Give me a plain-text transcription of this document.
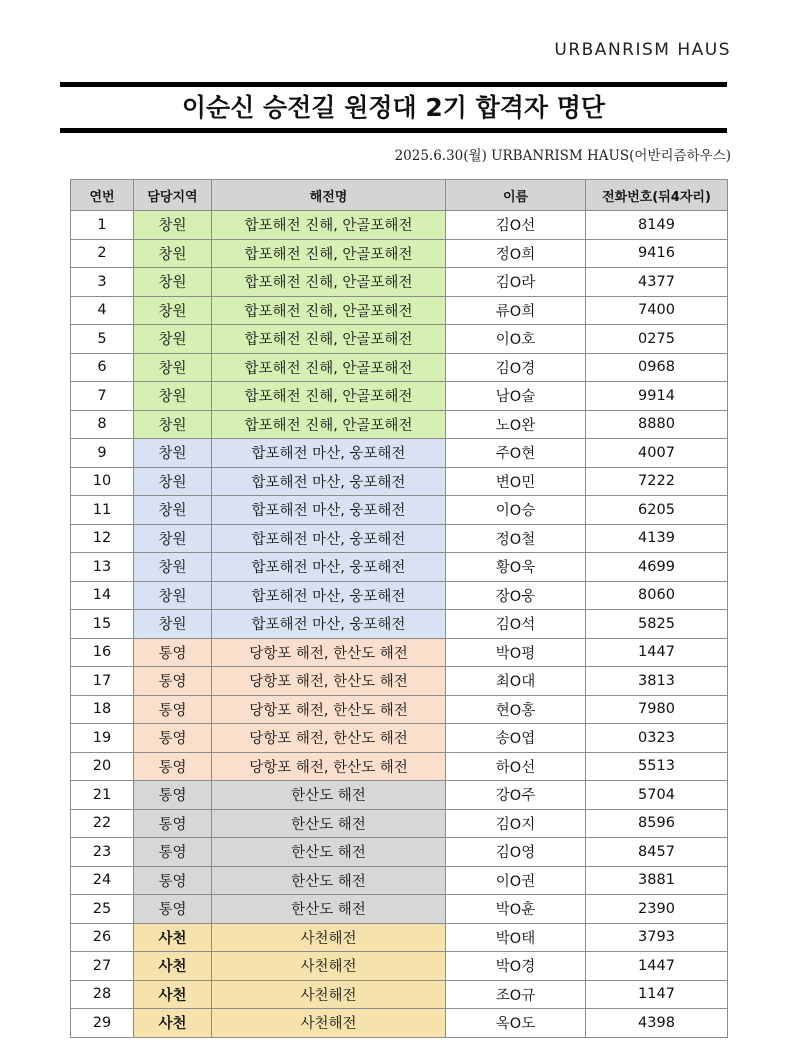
URBANRISM HAUS
이순신 승전길 원정대 2기 합격자 명단
2025.6.30(월) URBANRISM HAUS(어반리즘하우스)
연번	담당지역	해전명	이름	전화번호(뒤4자리)
1	창원	합포해전 진해, 안골포해전	김O선	8149
2	창원	합포해전 진해, 안골포해전	정O희	9416
3	창원	합포해전 진해, 안골포해전	김O라	4377
4	창원	합포해전 진해, 안골포해전	류O희	7400
5	창원	합포해전 진해, 안골포해전	이O호	0275
6	창원	합포해전 진해, 안골포해전	김O경	0968
7	창원	합포해전 진해, 안골포해전	남O술	9914
8	창원	합포해전 진해, 안골포해전	노O완	8880
9	창원	합포해전 마산, 웅포해전	주O현	4007
10	창원	합포해전 마산, 웅포해전	변O민	7222
11	창원	합포해전 마산, 웅포해전	이O승	6205
12	창원	합포해전 마산, 웅포해전	정O철	4139
13	창원	합포해전 마산, 웅포해전	황O욱	4699
14	창원	합포해전 마산, 웅포해전	장O웅	8060
15	창원	합포해전 마산, 웅포해전	김O석	5825
16	통영	당항포 해전, 한산도 해전	박O평	1447
17	통영	당항포 해전, 한산도 해전	최O대	3813
18	통영	당항포 해전, 한산도 해전	현O홍	7980
19	통영	당항포 해전, 한산도 해전	송O엽	0323
20	통영	당항포 해전, 한산도 해전	하O선	5513
21	통영	한산도 해전	강O주	5704
22	통영	한산도 해전	김O지	8596
23	통영	한산도 해전	김O영	8457
24	통영	한산도 해전	이O권	3881
25	통영	한산도 해전	박O훈	2390
26	사천	사천해전	박O태	3793
27	사천	사천해전	박O경	1447
28	사천	사천해전	조O규	1147
29	사천	사천해전	옥O도	4398
